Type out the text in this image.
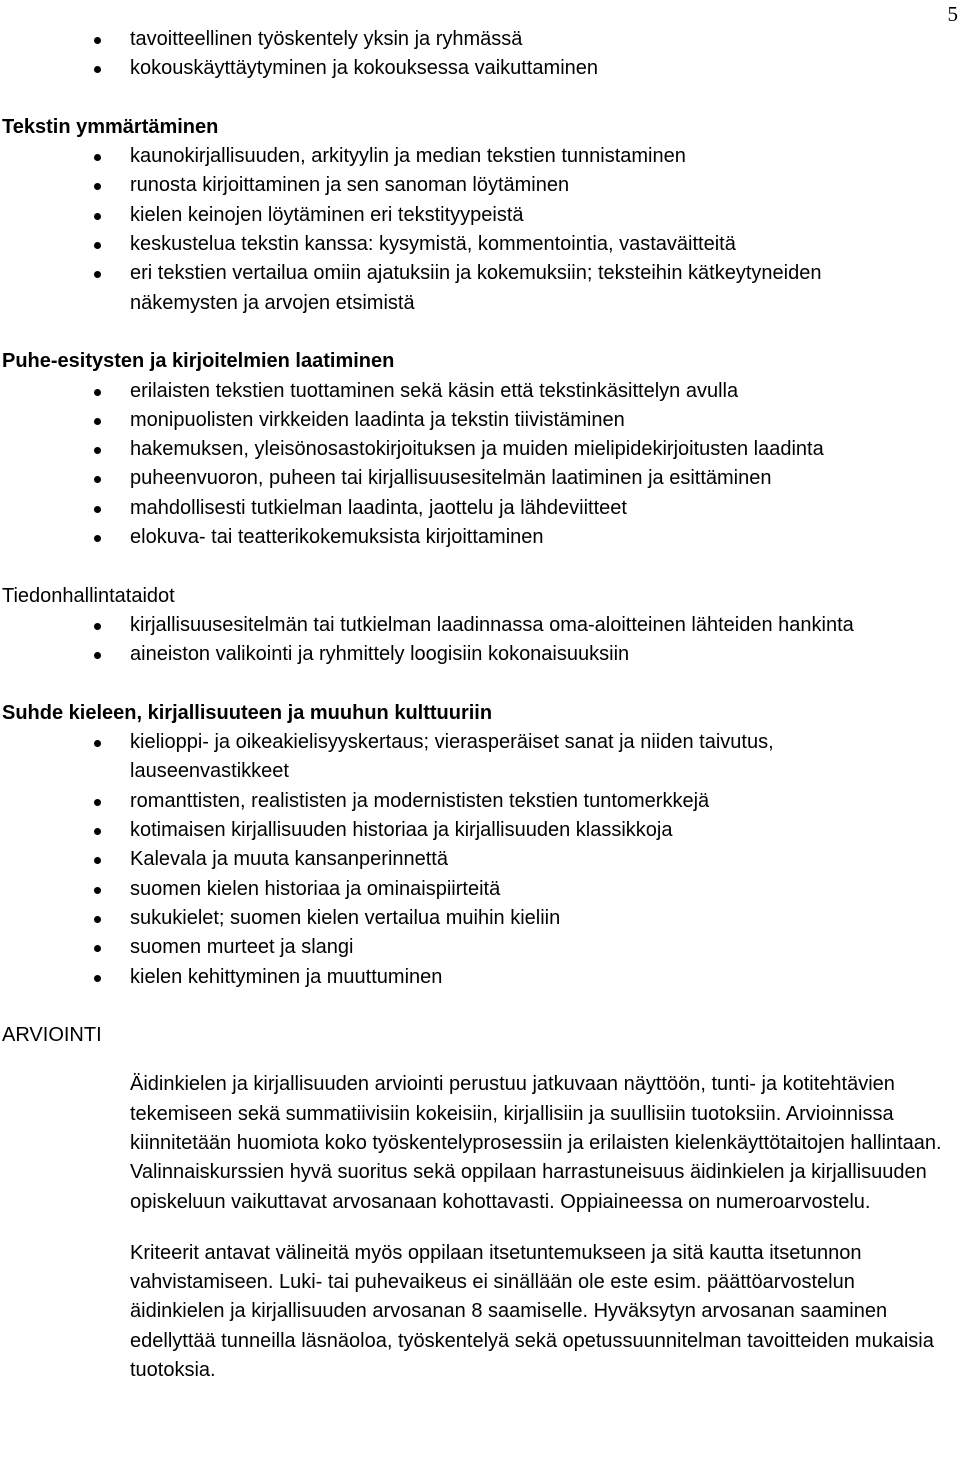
5
tavoitteellinen työskentely yksin ja ryhmässä
kokouskäyttäytyminen ja kokouksessa vaikuttaminen
Tekstin ymmärtäminen
kaunokirjallisuuden, arkityylin ja median tekstien tunnistaminen
runosta kirjoittaminen ja sen sanoman löytäminen
kielen keinojen löytäminen eri tekstityypeistä
keskustelua tekstin kanssa: kysymistä, kommentointia, vastaväitteitä
eri tekstien vertailua omiin ajatuksiin ja kokemuksiin; teksteihin kätkeytyneiden näkemysten ja arvojen etsimistä
Puhe-esitysten ja kirjoitelmien laatiminen
erilaisten tekstien tuottaminen sekä käsin että tekstinkäsittelyn avulla
monipuolisten virkkeiden laadinta ja tekstin tiivistäminen
hakemuksen, yleisönosastokirjoituksen ja muiden mielipidekirjoitusten laadinta
puheenvuoron, puheen tai kirjallisuusesitelmän laatiminen ja esittäminen
mahdollisesti tutkielman laadinta, jaottelu ja lähdeviitteet
elokuva- tai teatterikokemuksista kirjoittaminen
Tiedonhallintataidot
kirjallisuusesitelmän tai tutkielman laadinnassa oma-aloitteinen lähteiden hankinta
aineiston valikointi ja ryhmittely loogisiin kokonaisuuksiin
Suhde kieleen, kirjallisuuteen ja muuhun kulttuuriin
kielioppi- ja oikeakielisyyskertaus; vierasperäiset sanat ja niiden taivutus, lauseenvastikkeet
romanttisten, realististen ja modernististen tekstien tuntomerkkejä
kotimaisen kirjallisuuden historiaa ja kirjallisuuden klassikkoja
Kalevala ja muuta kansanperinnettä
suomen kielen historiaa ja ominaispiirteitä
sukukielet; suomen kielen vertailua muihin kieliin
suomen murteet ja slangi
kielen kehittyminen ja muuttuminen

ARVIOINTI

Äidinkielen ja kirjallisuuden arviointi perustuu jatkuvaan näyttöön, tunti- ja kotitehtävien tekemiseen sekä summatiivisiin kokeisiin, kirjallisiin ja suullisiin tuotoksiin. Arvioinnissa kiinnitetään huomiota koko työskentelyprosessiin ja erilaisten kielenkäyttötaitojen hallintaan. Valinnaiskurssien hyvä suoritus sekä oppilaan harrastuneisuus äidinkielen ja kirjallisuuden opiskeluun vaikuttavat arvosanaan kohottavasti. Oppiaineessa on numeroarvostelu.

Kriteerit antavat välineitä myös oppilaan itsetuntemukseen ja sitä kautta itsetunnon vahvistamiseen. Luki- tai puhevaikeus ei sinällään ole este esim. päättöarvostelun äidinkielen ja kirjallisuuden arvosanan 8 saamiselle. Hyväksytyn arvosanan saaminen edellyttää tunneilla läsnäoloa, työskentelyä sekä opetussuunnitelman tavoitteiden mukaisia tuotoksia.
